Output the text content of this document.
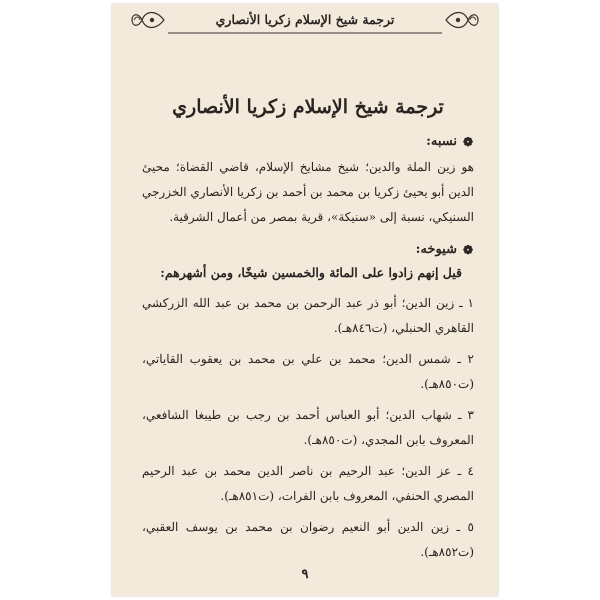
ترجمة شيخ الإسلام زكريا الأنصاري
ترجمة شيخ الإسلام زكريا الأنصاري
❁
نسبه:

هو زين الملة والدين؛ شيخ مشايخ الإسلام، قاضي القضاة؛ محيئ الدين أبو يحيئ زكريا بن محمد بن أحمد بن زكريا الأنصاري الخزرجي السنيكي، نسبة إلى «سنيكة»، قرية بمصر من أعمال الشرقية.

❁
شيوخه:
قيل إنهم زادوا على المائة والخمسين شيخًا، ومن أشهرهم:

١ ـ زين الدين؛ أبو ذر عبد الرحمن بن محمد بن عبد الله الزركشي القاهري الحنبلي، (ت٨٤٦هـ).

٢ ـ شمس الدين؛ محمد بن علي بن محمد بن يعقوب القاياتي، (ت٨٥٠هـ).

٣ ـ شهاب الدين؛ أبو العباس أحمد بن رجب بن طيبغا الشافعي، المعروف بابن المجدي، (ت٨٥٠هـ).

٤ ـ عز الدين؛ عبد الرحيم بن ناصر الدين محمد بن عبد الرحيم المصري الحنفي، المعروف بابن الفرات، (ت٨٥١هـ).

٥ ـ زين الدين أبو النعيم رضوان بن محمد بن يوسف العقبي، (ت٨٥٢هـ).

٩
